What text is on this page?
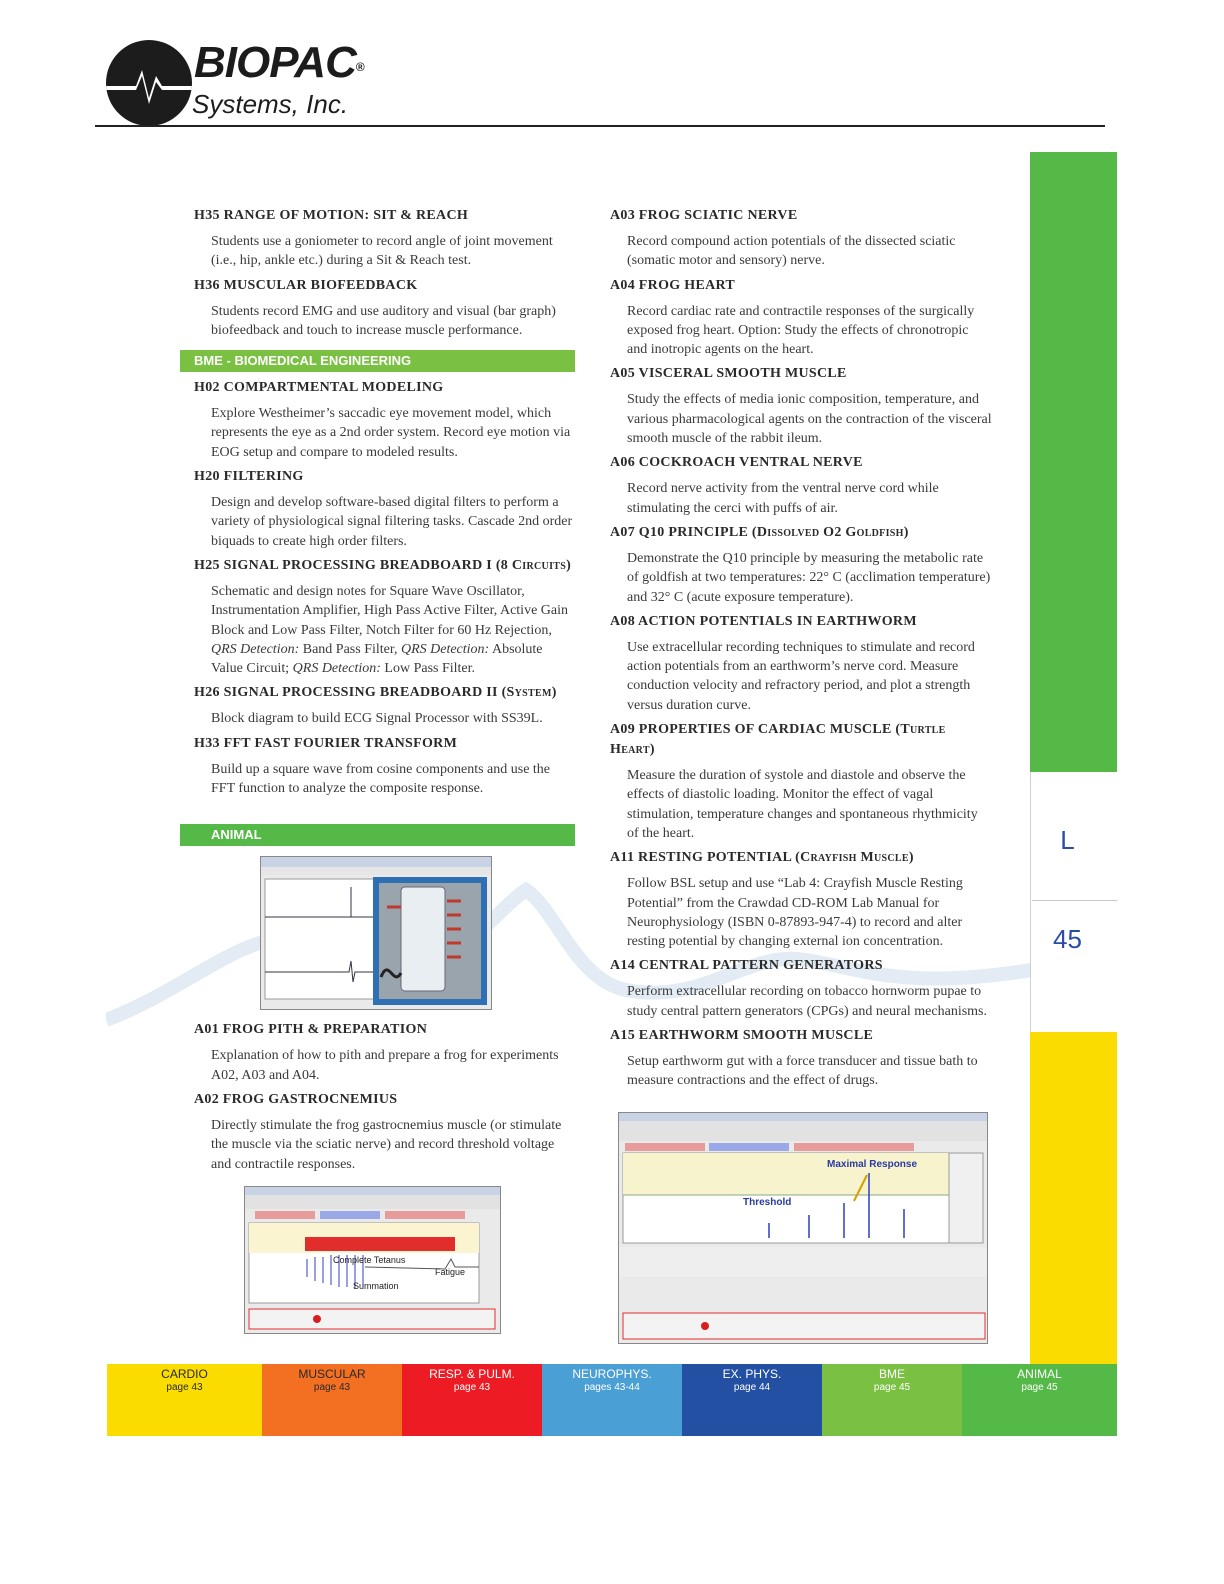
BIOPAC®
Systems, Inc.
H35 RANGE OF MOTION: SIT & REACH
Students use a goniometer to record angle of joint movement (i.e., hip, ankle etc.) during a Sit & Reach test.
H36 MUSCULAR BIOFEEDBACK
Students record EMG and use auditory and visual (bar graph) biofeedback and touch to increase muscle performance.
BME - BIOMEDICAL ENGINEERING
H02 COMPARTMENTAL MODELING
Explore Westheimer’s saccadic eye movement model, which represents the eye as a 2nd order system. Record eye motion via EOG setup and compare to modeled results.
H20 FILTERING
Design and develop software-based digital filters to perform a variety of physiological signal filtering tasks. Cascade 2nd order biquads to create high order filters.
H25 SIGNAL PROCESSING BREADBOARD I (8 Circuits)
Schematic and design notes for Square Wave Oscillator, Instrumentation Amplifier, High Pass Active Filter, Active Gain Block and Low Pass Filter, Notch Filter for 60 Hz Rejection, QRS Detection: Band Pass Filter, QRS Detection: Absolute Value Circuit; QRS Detection: Low Pass Filter.
H26 SIGNAL PROCESSING BREADBOARD II (System)
Block diagram to build ECG Signal Processor with SS39L.
H33 FFT FAST FOURIER TRANSFORM
Build up a square wave from cosine components and use the FFT function to analyze the composite response.
ANIMAL
A01 FROG PITH & PREPARATION
Explanation of how to pith and prepare a frog for experiments A02, A03 and A04.
A02 FROG GASTROCNEMIUS
Directly stimulate the frog gastrocnemius muscle (or stimulate the muscle via the sciatic nerve) and record threshold voltage and contractile responses.
Complete Tetanus
Fatigue
Summation
A03 FROG SCIATIC NERVE
Record compound action potentials of the dissected sciatic (somatic motor and sensory) nerve.
A04 FROG HEART
Record cardiac rate and contractile responses of the surgically exposed frog heart. Option: Study the effects of chronotropic and inotropic agents on the heart.
A05 VISCERAL SMOOTH MUSCLE
Study the effects of media ionic composition, temperature, and various pharmacological agents on the contraction of the visceral smooth muscle of the rabbit ileum.
A06 COCKROACH VENTRAL NERVE
Record nerve activity from the ventral nerve cord while stimulating the cerci with puffs of air.
A07 Q10 PRINCIPLE (Dissolved O2 Goldfish)
Demonstrate the Q10 principle by measuring the metabolic rate of goldfish at two temperatures: 22° C (acclimation temperature) and 32° C (acute exposure temperature).
A08 ACTION POTENTIALS IN EARTHWORM
Use extracellular recording techniques to stimulate and record action potentials from an earthworm’s nerve cord. Measure conduction velocity and refractory period, and plot a strength versus duration curve.
A09 PROPERTIES OF CARDIAC MUSCLE (Turtle Heart)
Measure the duration of systole and diastole and observe the effects of diastolic loading. Monitor the effect of vagal stimulation, temperature changes and spontaneous rhythmicity of the heart.
A11 RESTING POTENTIAL (Crayfish Muscle)
Follow BSL setup and use “Lab 4: Crayfish Muscle Resting Potential” from the Crawdad CD-ROM Lab Manual for Neurophysiology (ISBN 0-87893-947-4) to record and alter resting potential by changing external ion concentration.
A14 CENTRAL PATTERN GENERATORS
Perform extracellular recording on tobacco hornworm pupae to study central pattern generators (CPGs) and neural mechanisms.
A15 EARTHWORM SMOOTH MUSCLE
Setup earthworm gut with a force transducer and tissue bath to measure contractions and the effect of drugs.
Maximal Response
Threshold
L
45
CARDIO
page 43
MUSCULAR
page 43
RESP. & PULM.
page 43
NEUROPHYS.
pages 43-44
EX. PHYS.
page 44
BME
page 45
ANIMAL
page 45
